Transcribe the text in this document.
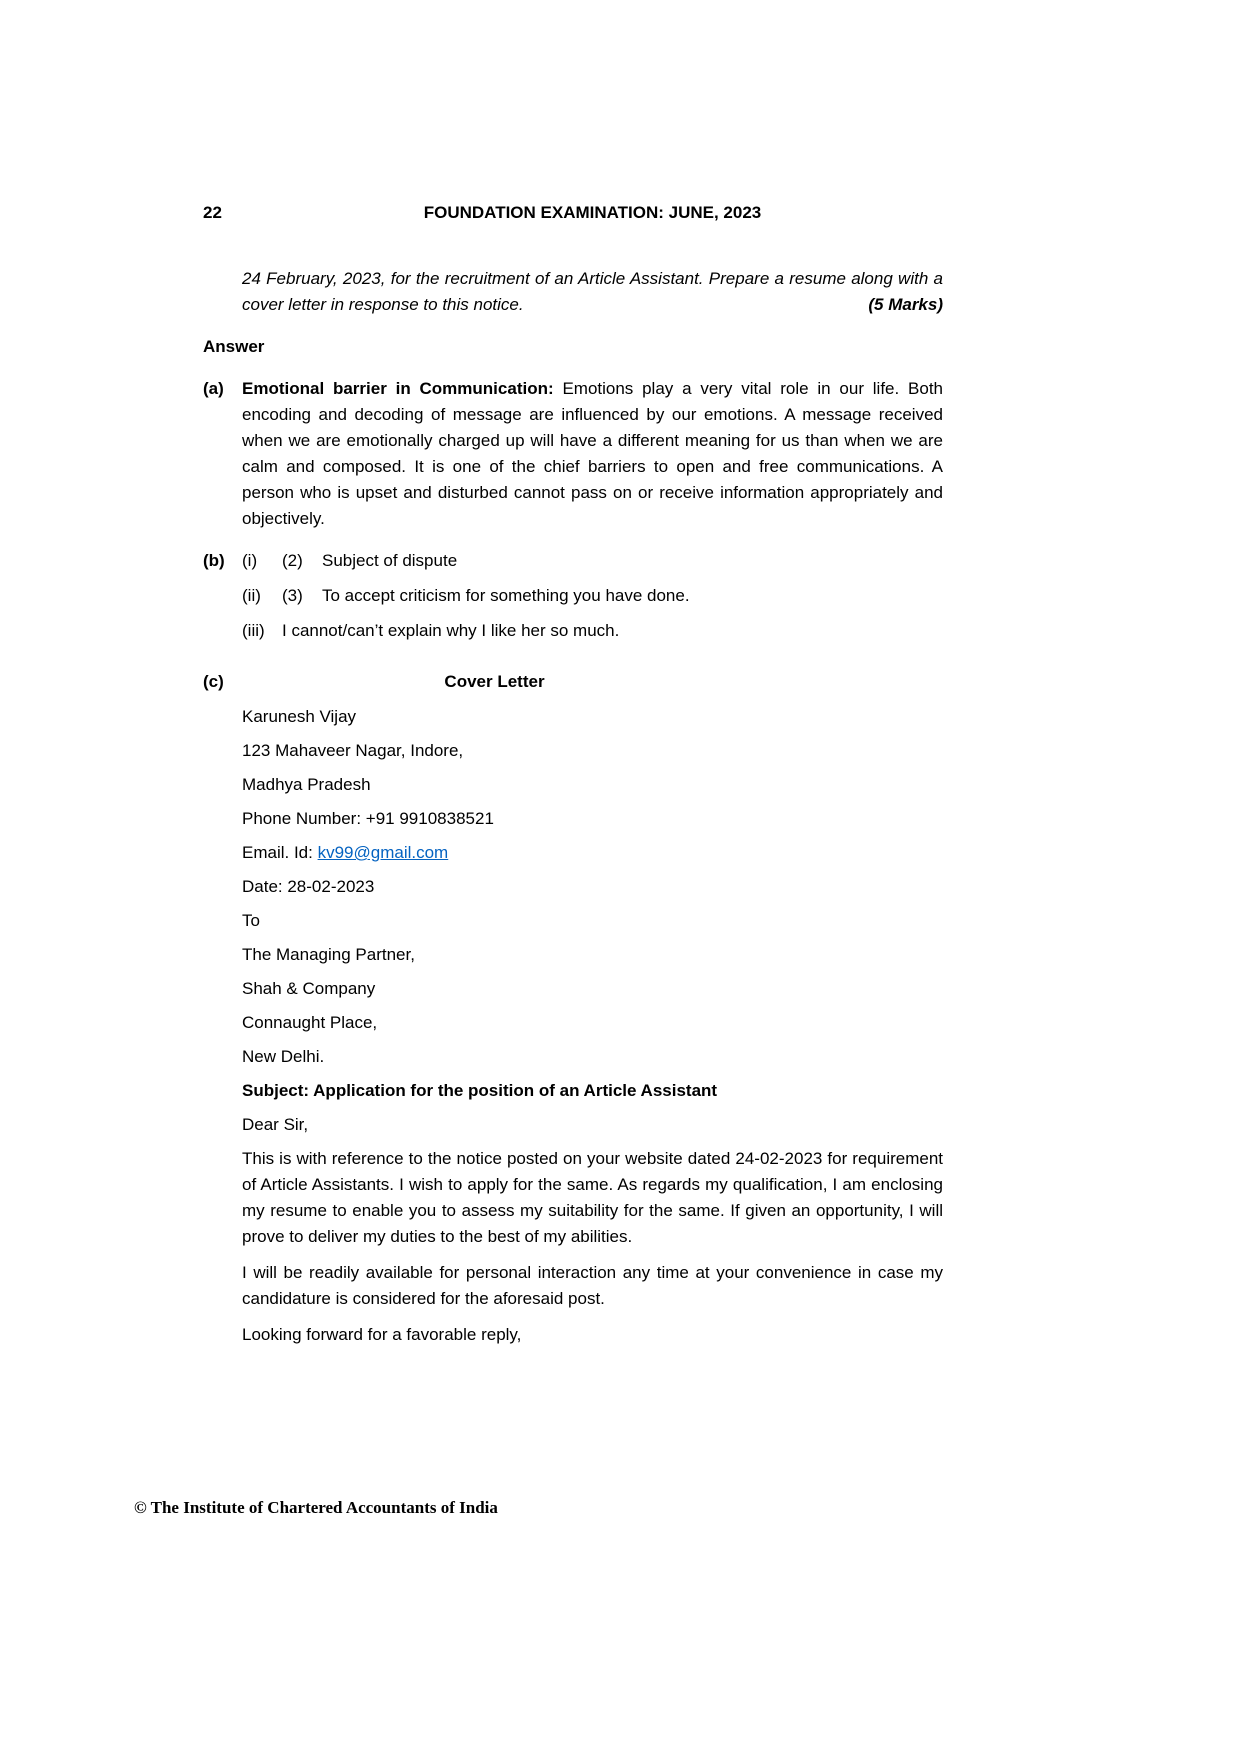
22	FOUNDATION EXAMINATION: JUNE, 2023
24 February, 2023, for the recruitment of an Article Assistant. Prepare a resume along with a cover letter in response to this notice.	(5 Marks)
Answer
(a)	Emotional barrier in Communication: Emotions play a very vital role in our life. Both encoding and decoding of message are influenced by our emotions. A message received when we are emotionally charged up will have a different meaning for us than when we are calm and composed. It is one of the chief barriers to open and free communications. A person who is upset and disturbed cannot pass on or receive information appropriately and objectively.
(b)	(i)	(2)	Subject of dispute
(ii)	(3)	To accept criticism for something you have done.
(iii)	I cannot/can’t explain why I like her so much.
(c)	Cover Letter

Karunesh Vijay

123 Mahaveer Nagar, Indore,

Madhya Pradesh

Phone Number: +91 9910838521

Email. Id: kv99@gmail.com

Date: 28-02-2023

To

The Managing Partner,

Shah & Company

Connaught Place,

New Delhi.

Subject: Application for the position of an Article Assistant

Dear Sir,

This is with reference to the notice posted on your website dated 24-02-2023 for requirement of Article Assistants. I wish to apply for the same. As regards my qualification, I am enclosing my resume to enable you to assess my suitability for the same. If given an opportunity, I will prove to deliver my duties to the best of my abilities.

I will be readily available for personal interaction any time at your convenience in case my candidature is considered for the aforesaid post.

Looking forward for a favorable reply,

© The Institute of Chartered Accountants of India
